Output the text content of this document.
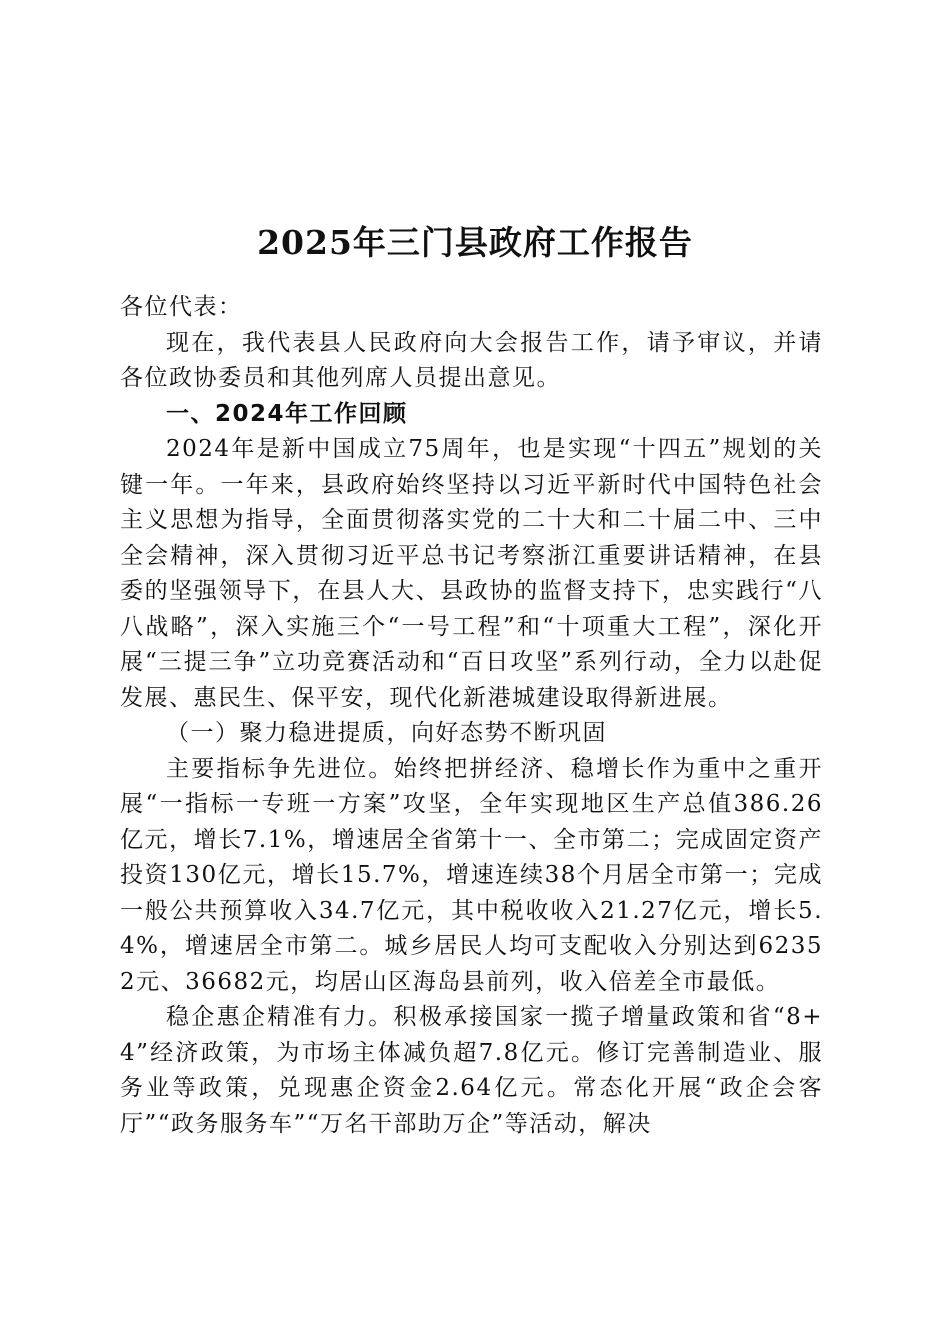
2025年三门县政府工作报告

各位代表：

现在，我代表县人民政府向大会报告工作，请予审议，并请各位政协委员和其他列席人员提出意见。

一、2024年工作回顾

2024年是新中国成立75周年，也是实现“十四五”规划的关键一年。一年来，县政府始终坚持以习近平新时代中国特色社会主义思想为指导，全面贯彻落实党的二十大和二十届二中、三中全会精神，深入贯彻习近平总书记考察浙江重要讲话精神，在县委的坚强领导下，在县人大、县政协的监督支持下，忠实践行“八八战略”，深入实施三个“一号工程”和“十项重大工程”，深化开展“三提三争”立功竞赛活动和“百日攻坚”系列行动，全力以赴促发展、惠民生、保平安，现代化新港城建设取得新进展。

（一）聚力稳进提质，向好态势不断巩固

主要指标争先进位。始终把拼经济、稳增长作为重中之重开展“一指标一专班一方案”攻坚，全年实现地区生产总值386.26亿元，增长7.1%，增速居全省第十一、全市第二；完成固定资产投资130亿元，增长15.7%，增速连续38个月居全市第一；完成一般公共预算收入34.7亿元，其中税收收入21.27亿元，增长5.4%，增速居全市第二。城乡居民人均可支配收入分别达到62352元、36682元，均居山区海岛县前列，收入倍差全市最低。

稳企惠企精准有力。积极承接国家一揽子增量政策和省“8+4”经济政策，为市场主体减负超7.8亿元。修订完善制造业、服务业等政策，兑现惠企资金2.64亿元。常态化开展“政企会客厅”“政务服务车”“万名干部助万企”等活动，解决
